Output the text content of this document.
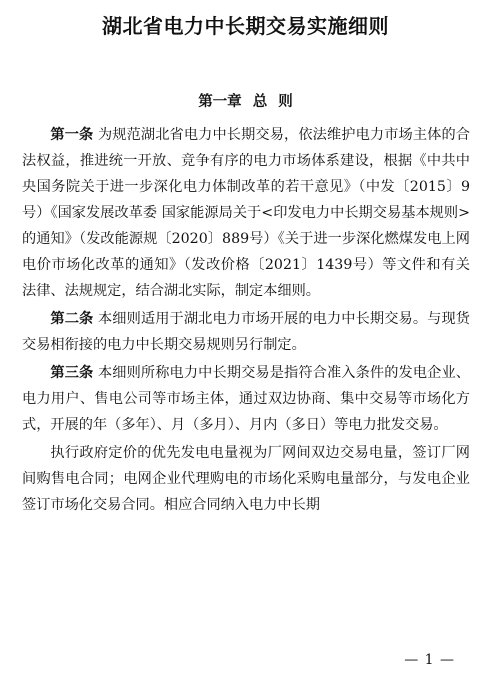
湖北省电力中长期交易实施细则
第一章 总 则

第一条 为规范湖北省电力中长期交易，依法维护电力市场主体的合法权益，推进统一开放、竞争有序的电力市场体系建设，根据《中共中央国务院关于进一步深化电力体制改革的若干意见》（中发〔2015〕9号）《国家发展改革委 国家能源局关于<印发电力中长期交易基本规则>的通知》（发改能源规〔2020〕889号）《关于进一步深化燃煤发电上网电价市场化改革的通知》（发改价格〔2021〕1439号）等文件和有关法律、法规规定，结合湖北实际，制定本细则。

第二条 本细则适用于湖北电力市场开展的电力中长期交易。与现货交易相衔接的电力中长期交易规则另行制定。

第三条 本细则所称电力中长期交易是指符合准入条件的发电企业、电力用户、售电公司等市场主体，通过双边协商、集中交易等市场化方式，开展的年（多年）、月（多月）、月内（多日）等电力批发交易。

执行政府定价的优先发电电量视为厂网间双边交易电量，签订厂网间购售电合同；电网企业代理购电的市场化采购电量部分，与发电企业签订市场化交易合同。相应合同纳入电力中长期

— 1 —
